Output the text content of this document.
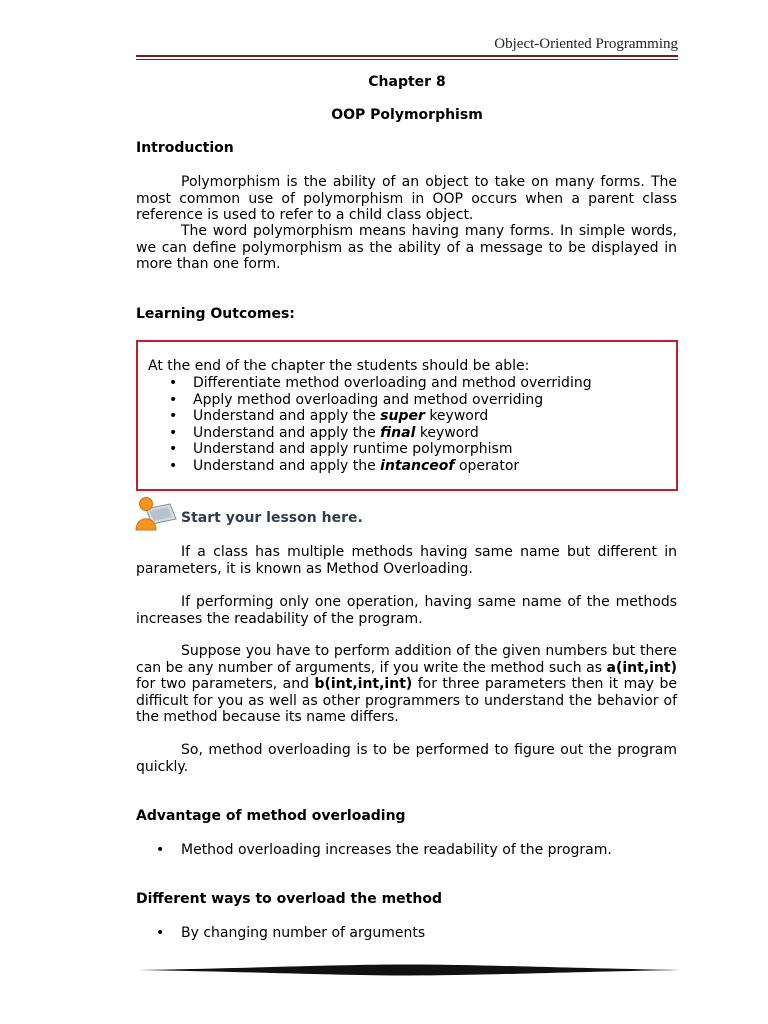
Object-Oriented Programming
Chapter 8
OOP Polymorphism
Introduction

Polymorphism is the ability of an object to take on many forms. The most common use of polymorphism in OOP occurs when a parent class reference is used to refer to a child class object.

The word polymorphism means having many forms. In simple words, we can define polymorphism as the ability of a message to be displayed in more than one form.

Learning Outcomes:
At the end of the chapter the students should be able:
• Differentiate method overloading and method overriding
• Apply method overloading and method overriding
• Understand and apply the super keyword
• Understand and apply the final keyword
• Understand and apply runtime polymorphism
• Understand and apply the intanceof operator
Start your lesson here.

If a class has multiple methods having same name but different in parameters, it is known as Method Overloading.

If performing only one operation, having same name of the methods increases the readability of the program.

Suppose you have to perform addition of the given numbers but there can be any number of arguments, if you write the method such as a(int,int) for two parameters, and b(int,int,int) for three parameters then it may be difficult for you as well as other programmers to understand the behavior of the method because its name differs.

So, method overloading is to be performed to figure out the program quickly.

Advantage of method overloading
• Method overloading increases the readability of the program.
Different ways to overload the method
• By changing number of arguments
